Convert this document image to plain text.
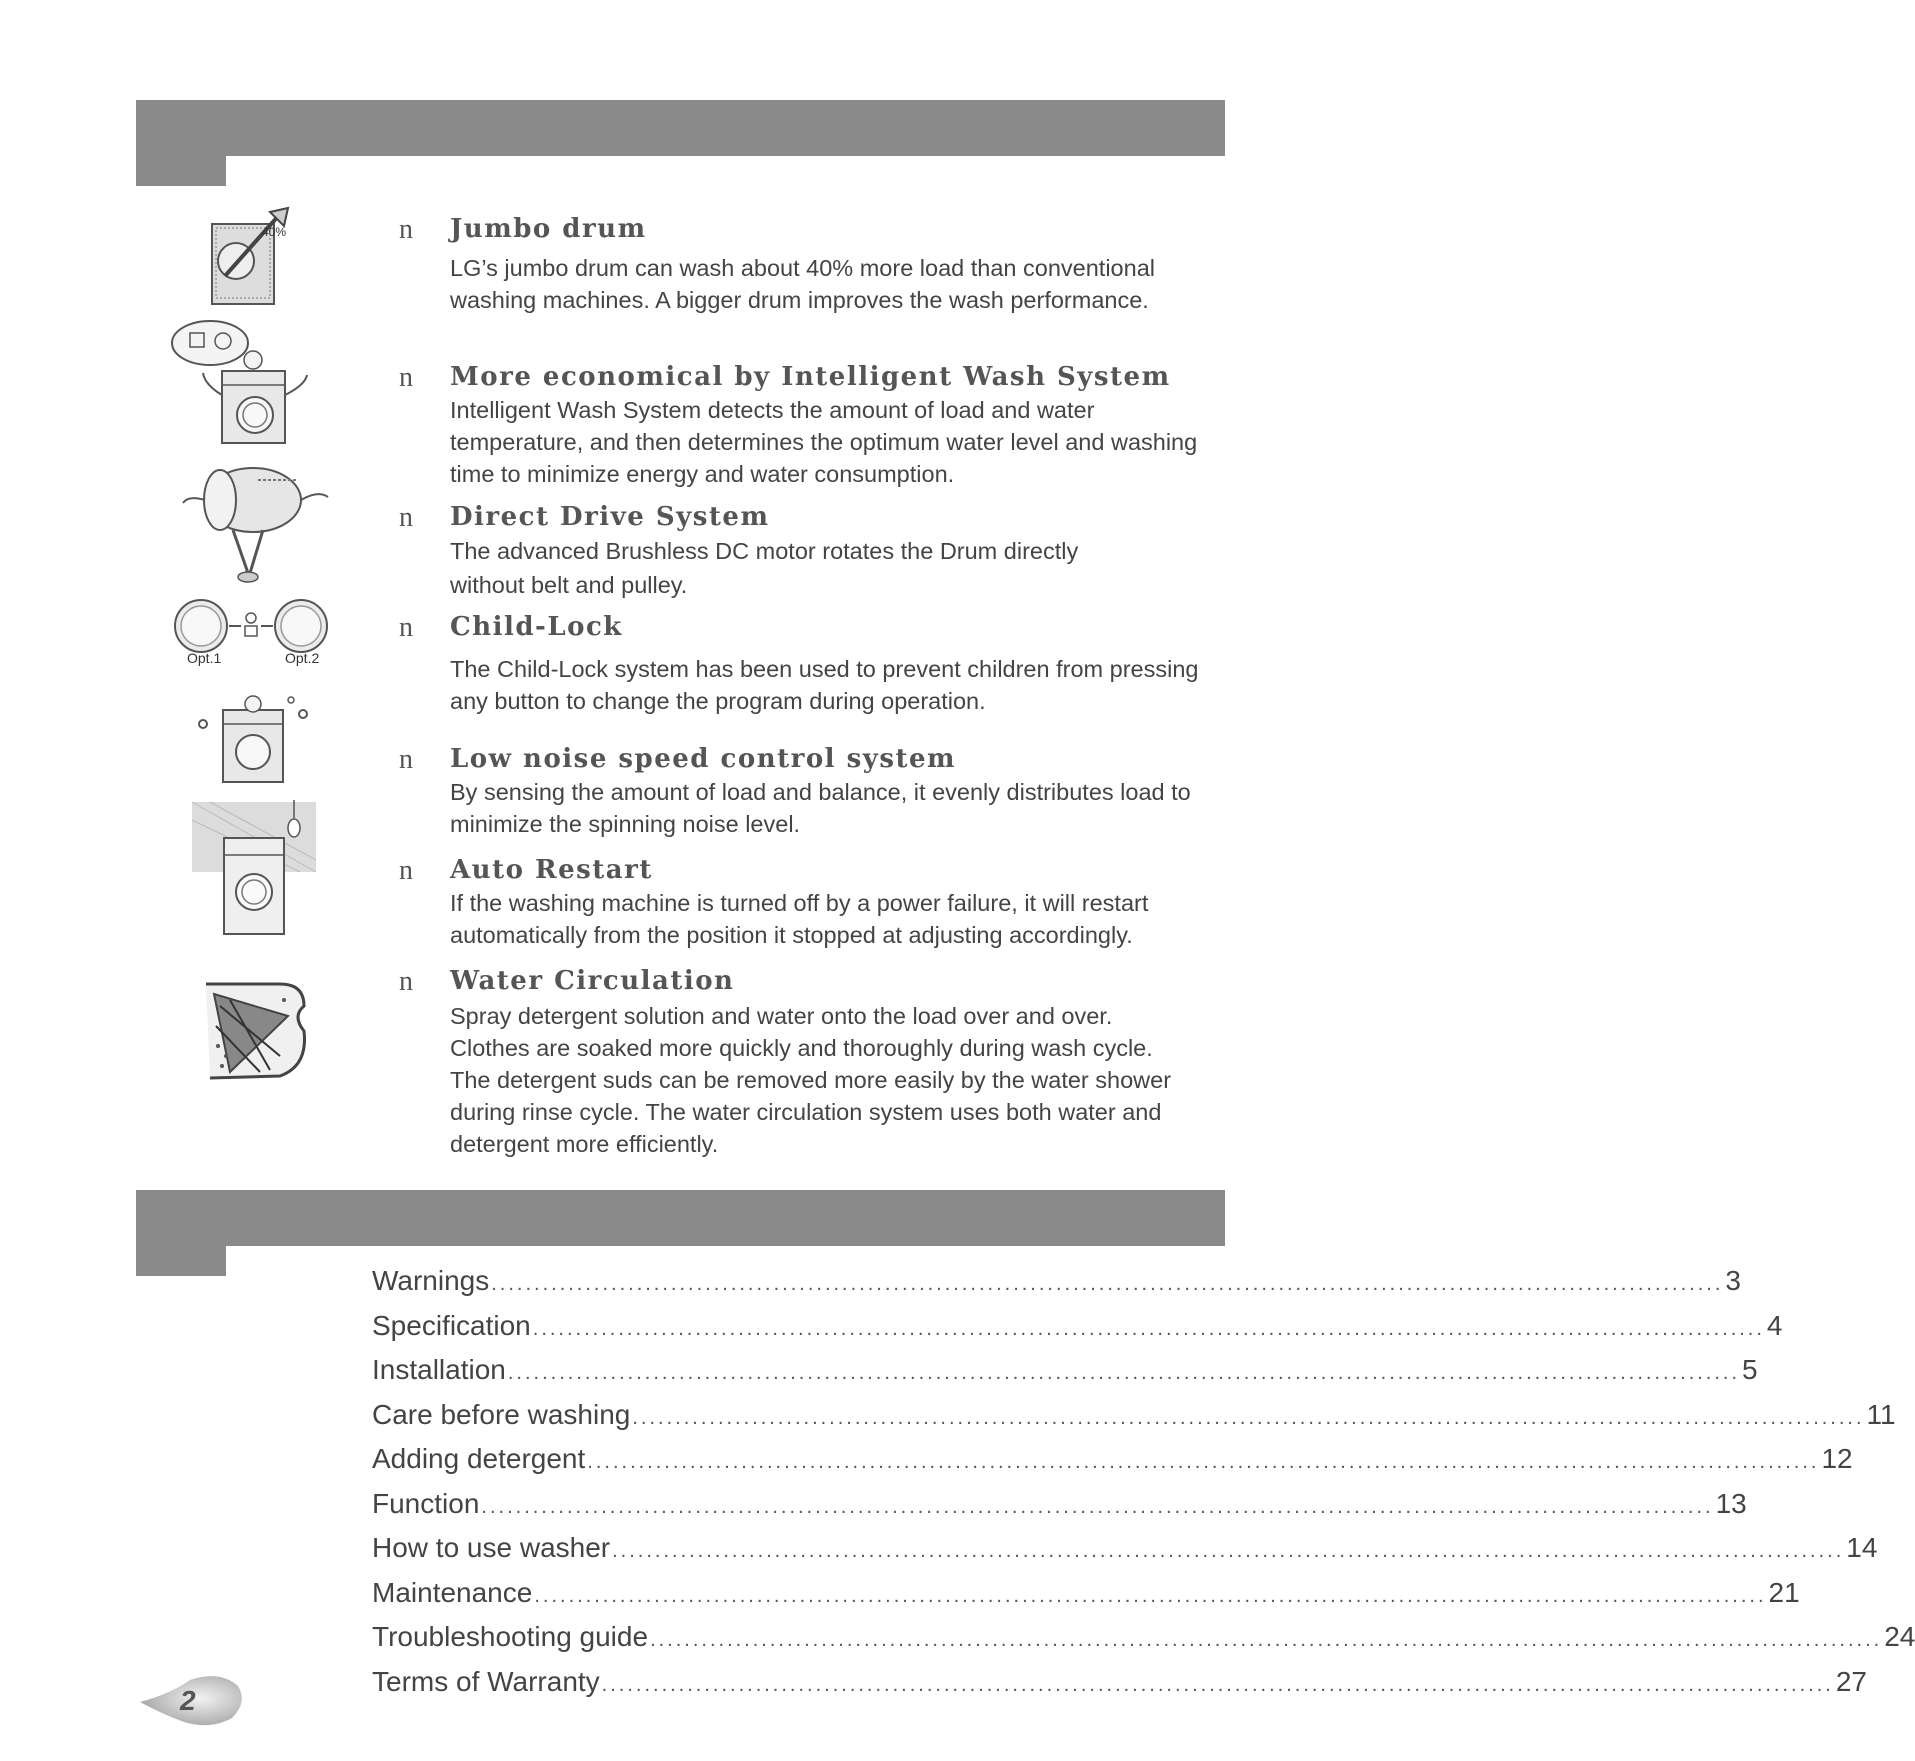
40%
Opt.1	Opt.2
n Jumbo drum
LG’s jumbo drum can wash about 40% more load than conventional washing machines. A bigger drum improves the wash performance.
n More economical by Intelligent Wash System
Intelligent Wash System detects the amount of load and water temperature, and then determines the optimum water level and washing time to minimize energy and water consumption.
n Direct Drive System
The advanced Brushless DC motor rotates the Drum directly without belt and pulley.
n Child-Lock
The Child-Lock system has been used to prevent children from pressing any button to change the program during operation.
n Low noise speed control system
By sensing the amount of load and balance, it evenly distributes load to minimize the spinning noise level.
n Auto Restart
If the washing machine is turned off by a power failure, it will restart automatically from the position it stopped at adjusting accordingly.
n Water Circulation
Spray detergent solution and water onto the load over and over. Clothes are soaked more quickly and thoroughly during wash cycle. The detergent suds can be removed more easily by the water shower during rinse cycle. The water circulation system uses both water and detergent more efficiently.
Warnings ................................................................................................................................................ 3
Specification ................................................................................................................................................ 4
Installation ................................................................................................................................................ 5
Care before washing ................................................................................................................................................ 11
Adding detergent ................................................................................................................................................ 12
Function ................................................................................................................................................ 13
How to use washer ................................................................................................................................................ 14
Maintenance ................................................................................................................................................ 21
Troubleshooting guide ................................................................................................................................................ 24
Terms of Warranty ................................................................................................................................................ 27
2
